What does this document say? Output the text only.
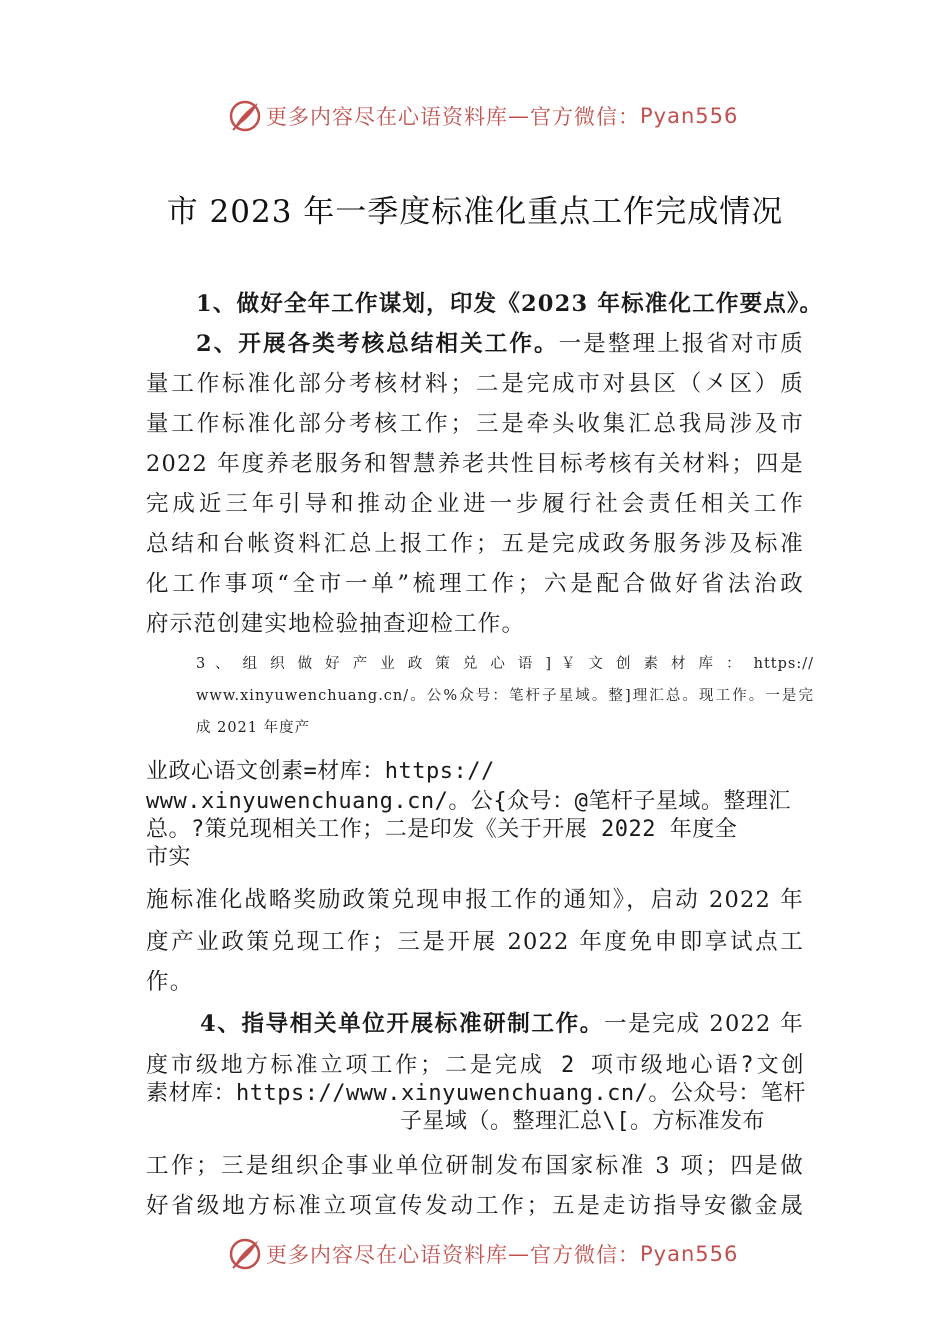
更多内容尽在心语资料库 — 官方微信： Pyan556
市 2023 年一季度标准化重点工作完成情况
1、做好全年工作谋划，印发《2023 年标准化工作要点》。
2、开展各类考核总结相关工作。一是整理上报省对市质
量工作标准化部分考核材料；二是完成市对县区（㐅区）质
量工作标准化部分考核工作；三是牵头收集汇总我局涉及市
2022 年度养老服务和智慧养老共性目标考核有关材料；四是
完成近三年引导和推动企业进一步履行社会责任相关工作
总结和台帐资料汇总上报工作；五是完成政务服务涉及标准
化工作事项“全市一单”梳理工作；六是配合做好省法治政
府示范创建实地检验抽查迎检工作。
3 、 组 织 做 好 产 业 政 策 兑 心 语 ] ￥ 文 创 素 材 库 ： https://
www.xinyuwenchuang.cn/。公%众号：笔杆子星域。整]理汇总。现工作。一是完
成 2021 年度产
业政心语文创素=材库：https://
www.xinyuwenchuang.cn/。公{众号：@笔杆子星域。整理汇
总。?策兑现相关工作；二是印发《关于开展 2022 年度全
市实
施标准化战略奖励政策兑现申报工作的通知》，启动 2022 年
度产业政策兑现工作；三是开展 2022 年度免申即享试点工
作。
4、指导相关单位开展标准研制工作。一是完成 2022 年
度市级地方标准立项工作；二是完成 2 项市级地心语?文创
素材库：https://www.xinyuwenchuang.cn/。公众号：笔杆
子星域（。整理汇总\[。方标准发布
工作；三是组织企事业单位研制发布国家标准 3 项；四是做
好省级地方标准立项宣传发动工作；五是走访指导安徽金晟
更多内容尽在心语资料库 — 官方微信： Pyan556
